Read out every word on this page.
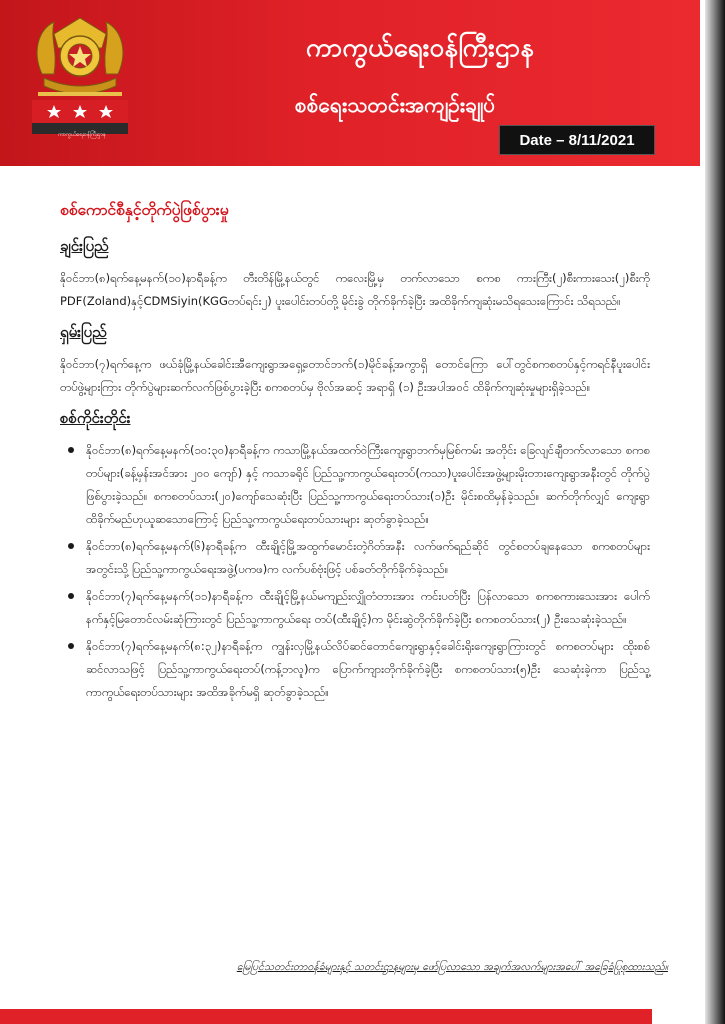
ကာကွယ်ရေးဝန်ကြီးဌာန
ကာကွယ်ရေးဝန်ကြီးဌာန
စစ်ရေးသတင်းအကျဉ်းချုပ်
Date – 8/11/2021
စစ်ကောင်စီနှင့်တိုက်ပွဲဖြစ်ပွားမှု
ချင်းပြည်
နိုဝင်ဘာ(၈)ရက်နေ့မနက်(၁၀)နာရီခန့်က တီးတိန်မြို့နယ်တွင် ကလေးမြို့မှ တက်လာသော စကစ ကားကြီး(၂)စီးကားသေး(၂)စီးကို PDF(Zoland)နှင့်CDMSiyin(KGGတပ်ရင်း၂) ပူးပေါင်းတပ်တို့ မိုင်းခွဲ တိုက်ခိုက်ခဲ့ပြီး အထိခိုက်ကျဆုံးမသိရသေးကြောင်း သိရသည်။
ရှမ်းပြည်
နိုဝင်ဘာ(၇)ရက်နေ့က ဖယ်ခုံမြို့နယ်ခေါင်းအီကျေးရွာအရှေ့တောင်ဘက်(၁)မိုင်ခန့်အကွာရှိ တောင်ကြော ပေါ်တွင်စကစတပ်နှင့်ကရင်နီပူးပေါင်းတပ်ဖွဲ့များကြား တိုက်ပွဲများဆက်လက်ဖြစ်ပွားခဲ့ပြီး စကစတပ်မှ ဗိုလ်အဆင့် အရာရှိ (၁) ဦးအပါအဝင် ထိခိုက်ကျဆုံးမှုများရှိခဲ့သည်။
စစ်ကိုင်းတိုင်း
နိုဝင်ဘာ(၈)ရက်နေ့မနက်(၁၀:၃၀)နာရီခန့်က ကသာမြို့နယ်အထက်ဝဲကြီးကျေးရွာဘက်မှမြစ်ကမ်း အတိုင်း ခြေလျင်ချီတက်လာသော စကစတပ်များ(ခန့်မှန်းအင်အား ၂၀၀ ကျော်) နှင့် ကသာခရိုင် ပြည်သူ့ကာကွယ်ရေးတပ်(ကသာ)ပူးပေါင်းအဖွဲ့များမိုးတားကျေးရွာအနီးတွင် တိုက်ပွဲဖြစ်ပွားခဲ့သည်။ စကစတပ်သား(၂၀)ကျော်သေဆုံးပြီး ပြည်သူ့ကာကွယ်ရေးတပ်သား(၁)ဦး မိုင်းစထိမှန်ခဲ့သည်။ ဆက်တိုက်လျှင် ကျေးရွာထိခိုက်မည်ဟုယူဆသောကြောင့် ပြည်သူ့ကာကွယ်ရေးတပ်သားများ ဆုတ်ခွာခဲ့သည်။
နိုဝင်ဘာ(၈)ရက်နေ့မနက်(၆)နာရီခန့်က ထီးချိုင့်မြို့အထွက်မောင်းတဲ့ဂိတ်အနီး လက်ဖက်ရည်ဆိုင် တွင်စတပ်ချနေသော စကစတပ်များအတွင်းသို့ ပြည်သူ့ကာကွယ်ရေးအဖွဲ့(ပကဖ)က လက်ပစ်ဗုံးဖြင့် ပစ်ခတ်တိုက်ခိုက်ခဲ့သည်။
နိုဝင်ဘာ(၇)ရက်နေ့မနက်(၁၁)နာရီခန့်က ထီးချိုင့်မြို့နယ်မကျည်းလျှိုတံတားအား ကင်းပတ်ပြီး ပြန်လာသော စကစကားသေးအား ပေါက်နက်နှင့်မြတောင်လမ်းဆုံကြားတွင် ပြည်သူ့ကာကွယ်ရေး တပ်(ထီးချိုင့်)က မိုင်းဆွဲတိုက်ခိုက်ခဲ့ပြီး စကစတပ်သား(၂) ဦးသေဆုံးခဲ့သည်။
နိုဝင်ဘာ(၇)ရက်နေ့မနက်(၈:၃၂)နာရီခန့်က ကျွန်းလှမြို့နယ်လိပ်ဆင်တောင်ကျေးရွာနှင့်ခေါင်းရိုးကျေးရွာကြားတွင် စကစတပ်များ ထိုးစစ်ဆင်လာသဖြင့် ပြည်သူ့ကာကွယ်ရေးတပ်(ကန့်ဘလူ)က ပြောက်ကျားတိုက်ခိုက်ခဲ့ပြီး စကစတပ်သား(၅)ဦး သေဆုံးခဲ့ကာ ပြည်သူ့ကာကွယ်ရေးတပ်သားများ အထိအခိုက်မရှိ ဆုတ်ခွာခဲ့သည်။
မြေပြင်သတင်းတာဝန်ခံများနှင့် သတင်းဌာနများမှ ဖော်ပြလာသော အချက်အလက်များအပေါ် အခြေခံပြုစုထားသည်။
